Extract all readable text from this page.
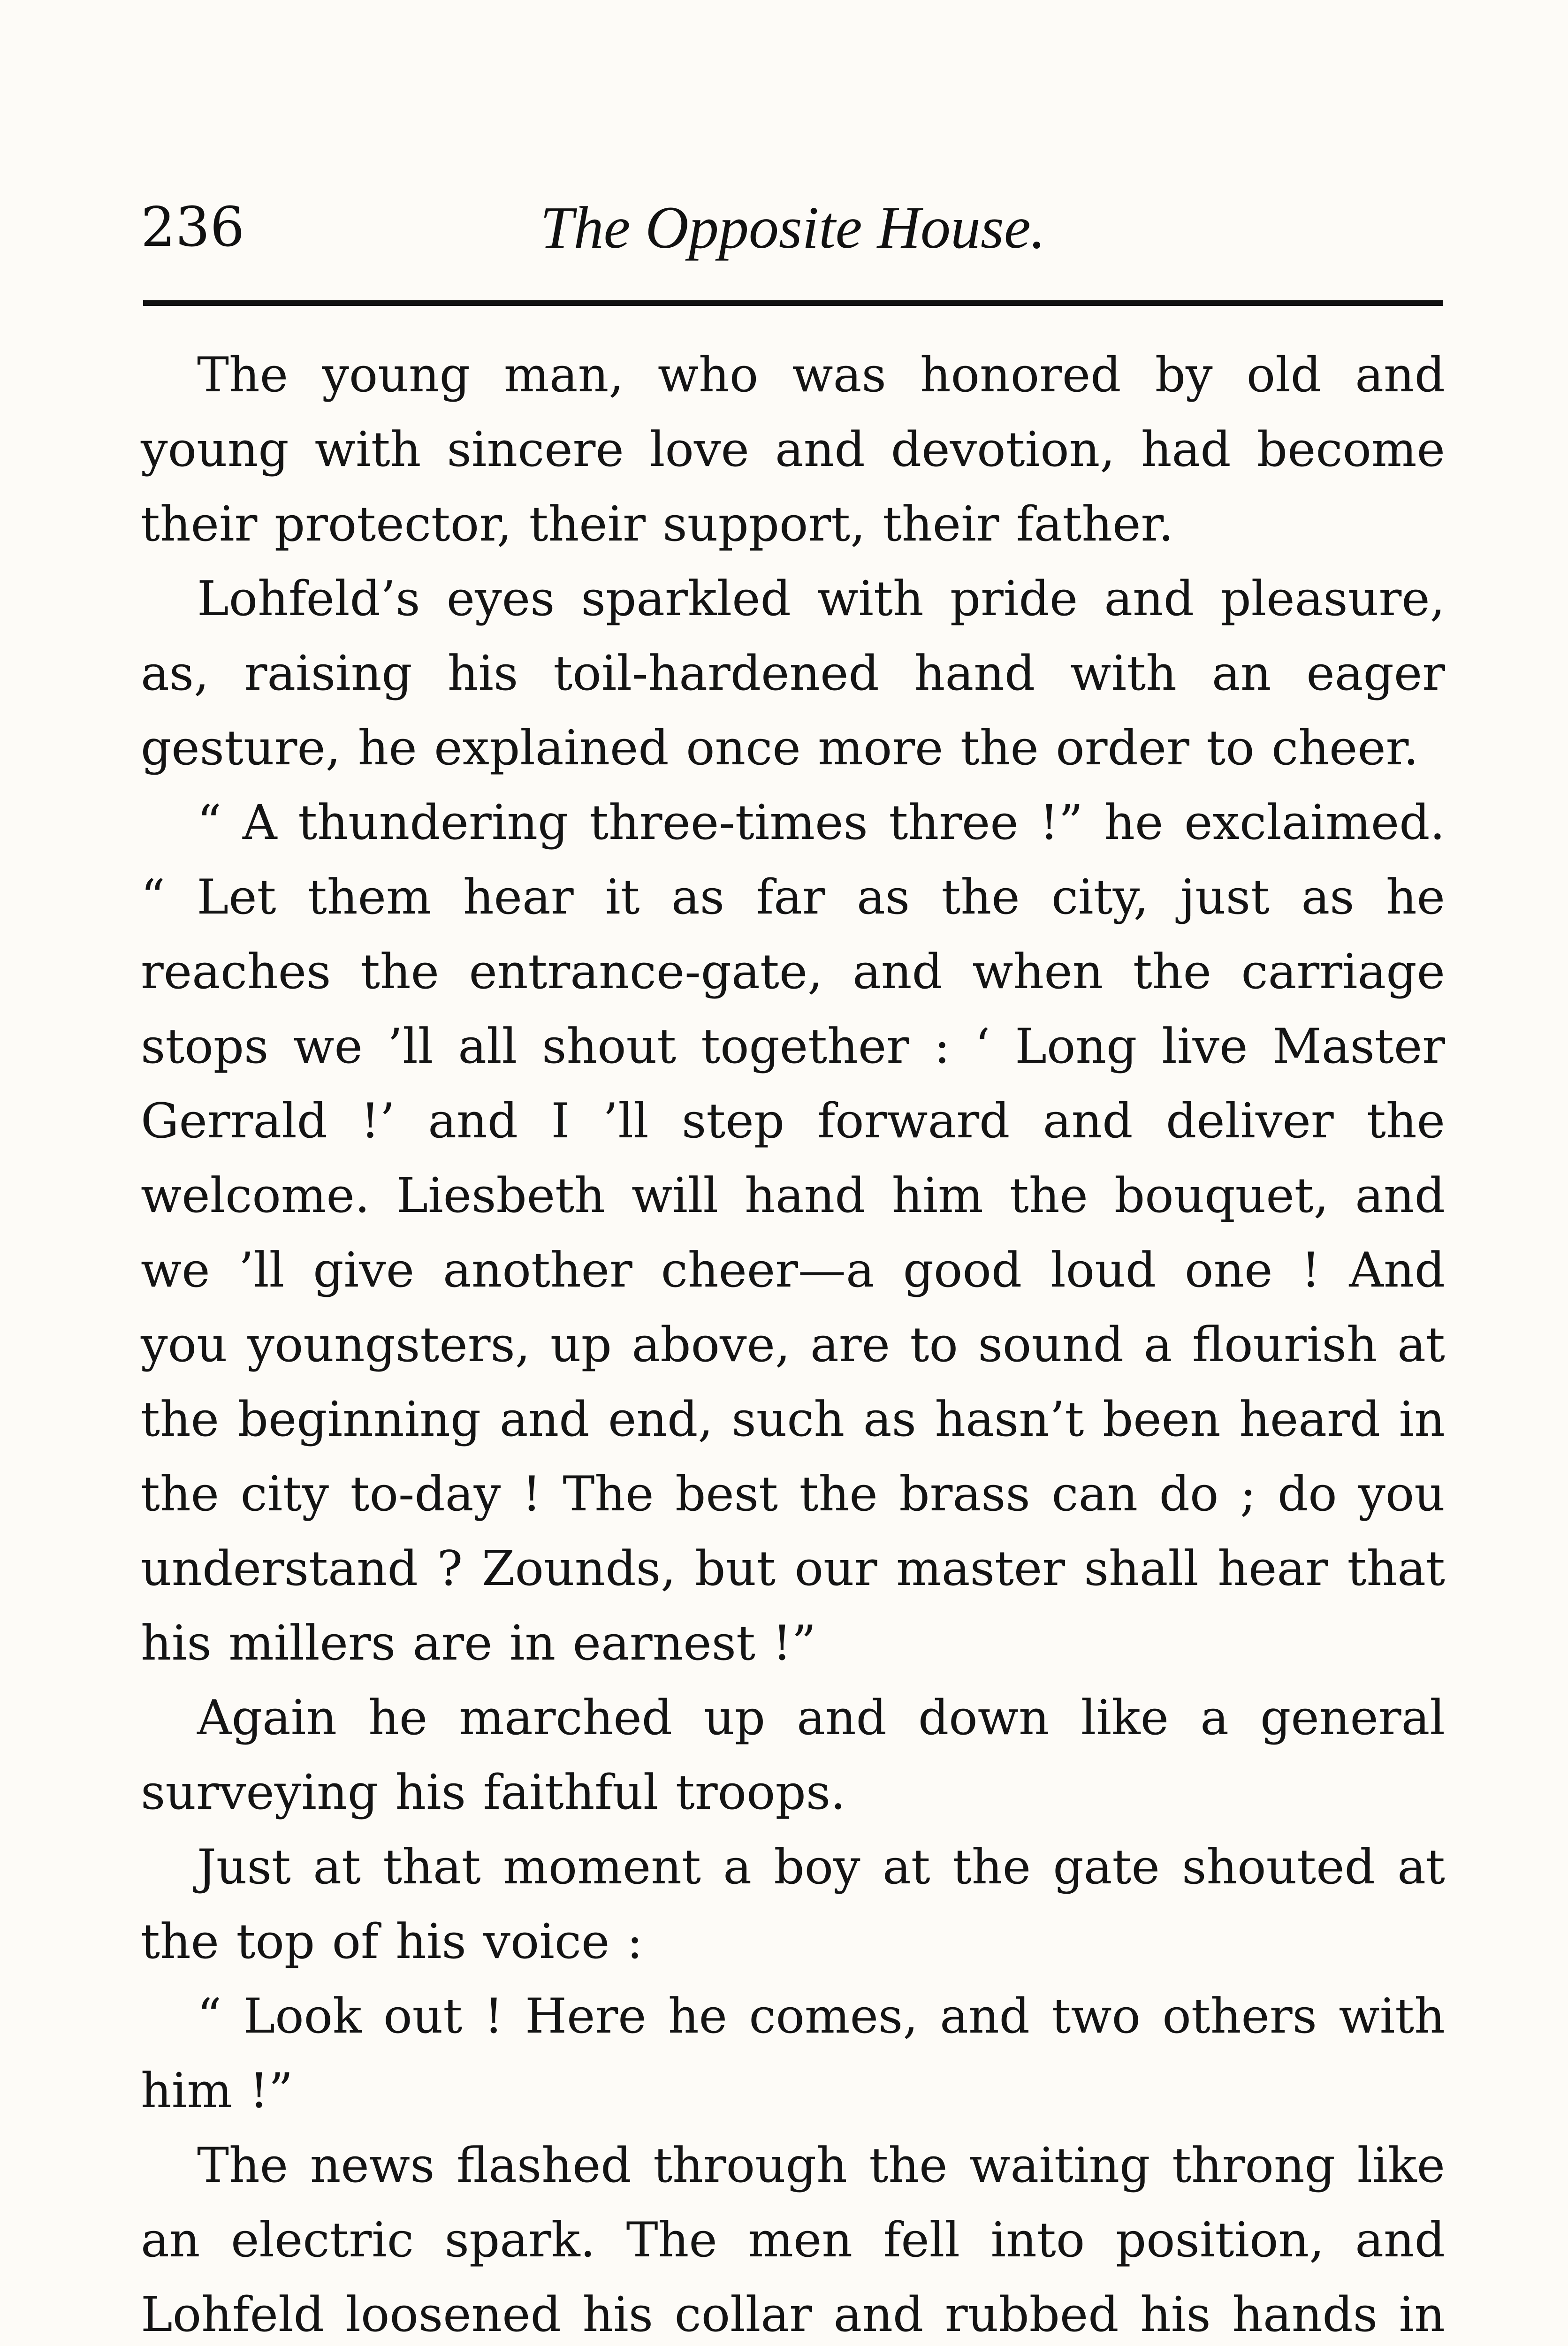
236	The Opposite House.

The young man, who was honored by old and young with sincere love and devotion, had become their protector, their support, their father.

Lohfeld’s eyes sparkled with pride and pleasure, as, raising his toil-hardened hand with an eager gesture, he explained once more the order to cheer.

“ A thundering three-times three !” he exclaimed. “ Let them hear it as far as the city, just as he reaches the entrance-gate, and when the carriage stops we ’ll all shout together : ‘ Long live Master Gerrald !’ and I ’ll step forward and deliver the welcome. Liesbeth will hand him the bouquet, and we ’ll give another cheer—a good loud one ! And you youngsters, up above, are to sound a flourish at the beginning and end, such as hasn’t been heard in the city to-day ! The best the brass can do ; do you understand ? Zounds, but our master shall hear that his millers are in earnest !”

Again he marched up and down like a general surveying his faithful troops.

Just at that moment a boy at the gate shouted at the top of his voice :

“ Look out ! Here he comes, and two others with him !”

The news flashed through the waiting throng like an electric spark. The men fell into position, and Lohfeld loosened his collar and rubbed his hands in
